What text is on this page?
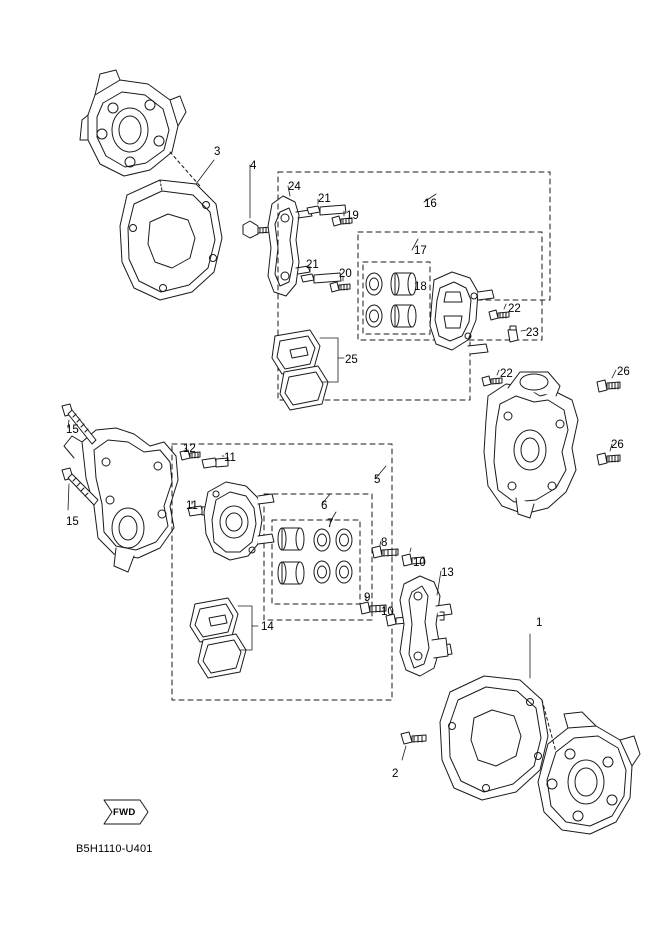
1
2
3
4
5
6
7
8
9
10
10
11
11
12
13
14
15
15
16
17
18
19
20
21
21
22
22
23
24
25
26
26
FWD
B5H1110-U401
